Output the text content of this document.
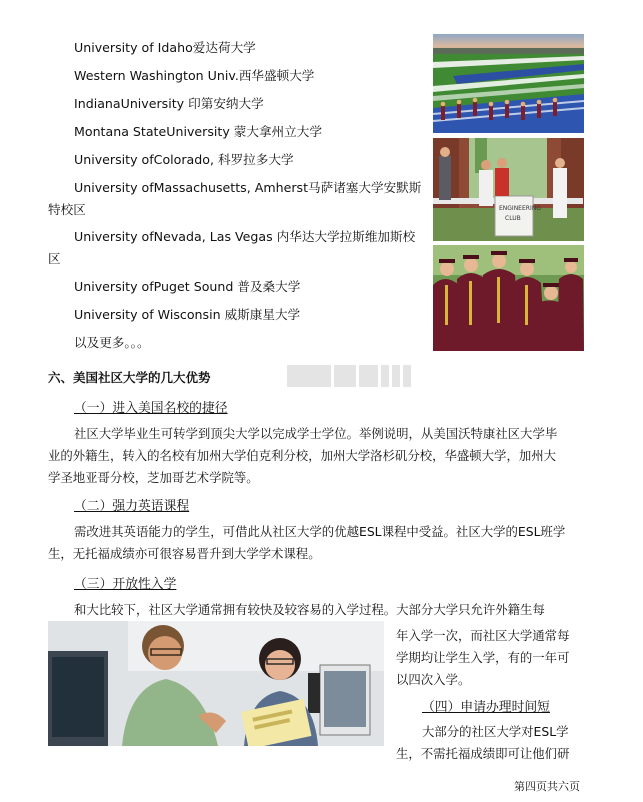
University of Idaho爱达荷大学
Western Washington Univ.西华盛顿大学
IndianaUniversity 印第安纳大学
Montana StateUniversity 蒙大拿州立大学
University ofColorado, 科罗拉多大学
University ofMassachusetts, Amherst马萨诸塞大学安默斯
特校区
University ofNevada, Las Vegas 内华达大学拉斯维加斯校
区
University ofPuget Sound 普及桑大学
University of Wisconsin 威斯康星大学
以及更多。。。
ENGINEERING
CLUB
六、美国社区大学的几大优势
（一）进入美国名校的捷径
社区大学毕业生可转学到顶尖大学以完成学士学位。举例说明，从美国沃特康社区大学毕
业的外籍生，转入的名校有加州大学伯克利分校，加州大学洛杉矶分校，华盛顿大学，加州大
学圣地亚哥分校，芝加哥艺术学院等。
（二）强力英语课程
需改进其英语能力的学生，可借此从社区大学的优越ESL课程中受益。社区大学的ESL班学
生，无托福成绩亦可很容易晋升到大学学术课程。
（三）开放性入学
和大比较下，社区大学通常拥有较快及较容易的入学过程。大部分大学只允许外籍生每
年入学一次，而社区大学通常每
学期均让学生入学，有的一年可
以四次入学。
（四）申请办理时间短
大部分的社区大学对ESL学
生，不需托福成绩即可让他们研
第四页共六页
